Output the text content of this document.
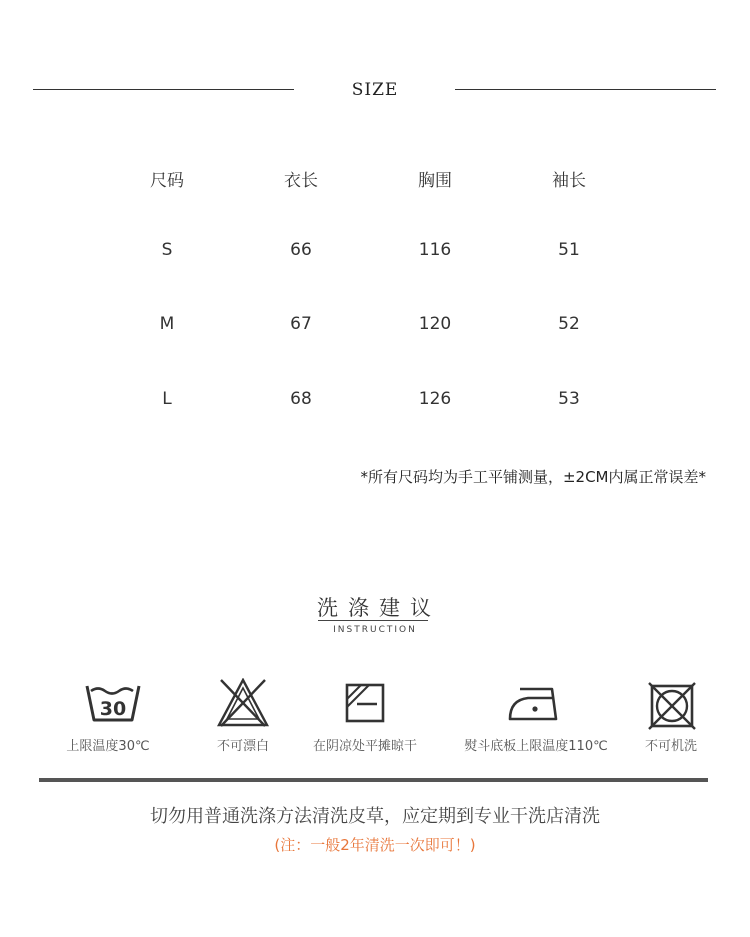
SIZE
尺码	衣长	胸围	袖长
S	66	116	51
M	67	120	52
L	68	126	53
*所有尺码均为手工平铺测量，±2CM内属正常误差*
洗涤建议
INSTRUCTION
30
上限温度30℃	不可漂白	在阴凉处平摊晾干	熨斗底板上限温度110℃	不可机洗
切勿用普通洗涤方法清洗皮草，应定期到专业干洗店清洗
(注：一般2年清洗一次即可！)
